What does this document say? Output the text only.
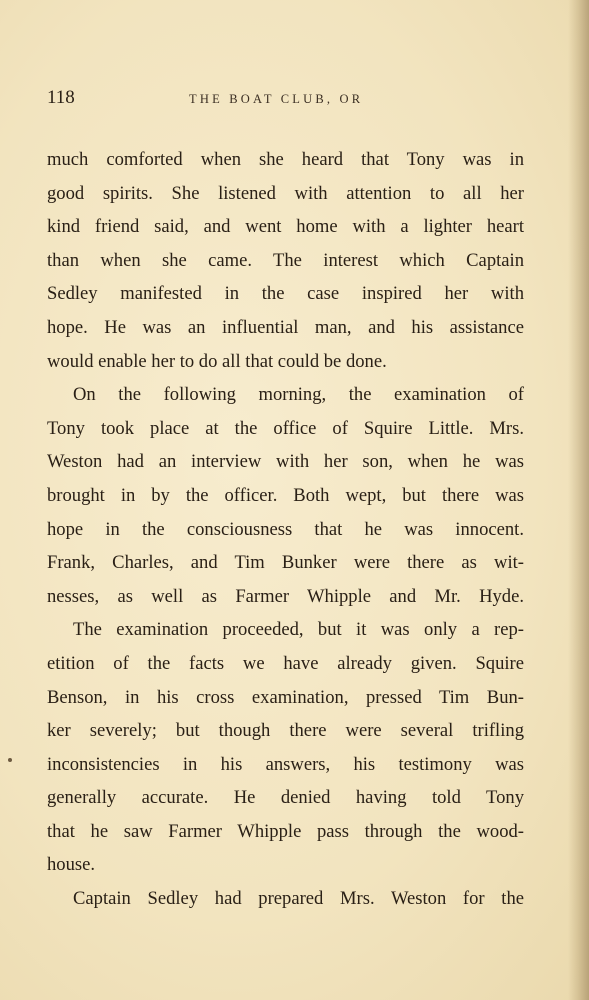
118	THE BOAT CLUB, OR
much comforted when she heard that Tony was in
good spirits. She listened with attention to all her
kind friend said, and went home with a lighter heart
than when she came. The interest which Captain
Sedley manifested in the case inspired her with
hope. He was an influential man, and his assistance
would enable her to do all that could be done.
On the following morning, the examination of
Tony took place at the office of Squire Little. Mrs.
Weston had an interview with her son, when he was
brought in by the officer. Both wept, but there was
hope in the consciousness that he was innocent.
Frank, Charles, and Tim Bunker were there as wit-
nesses, as well as Farmer Whipple and Mr. Hyde.
The examination proceeded, but it was only a rep-
etition of the facts we have already given. Squire
Benson, in his cross examination, pressed Tim Bun-
ker severely; but though there were several trifling
inconsistencies in his answers, his testimony was
generally accurate. He denied having told Tony
that he saw Farmer Whipple pass through the wood-
house.
Captain Sedley had prepared Mrs. Weston for the
